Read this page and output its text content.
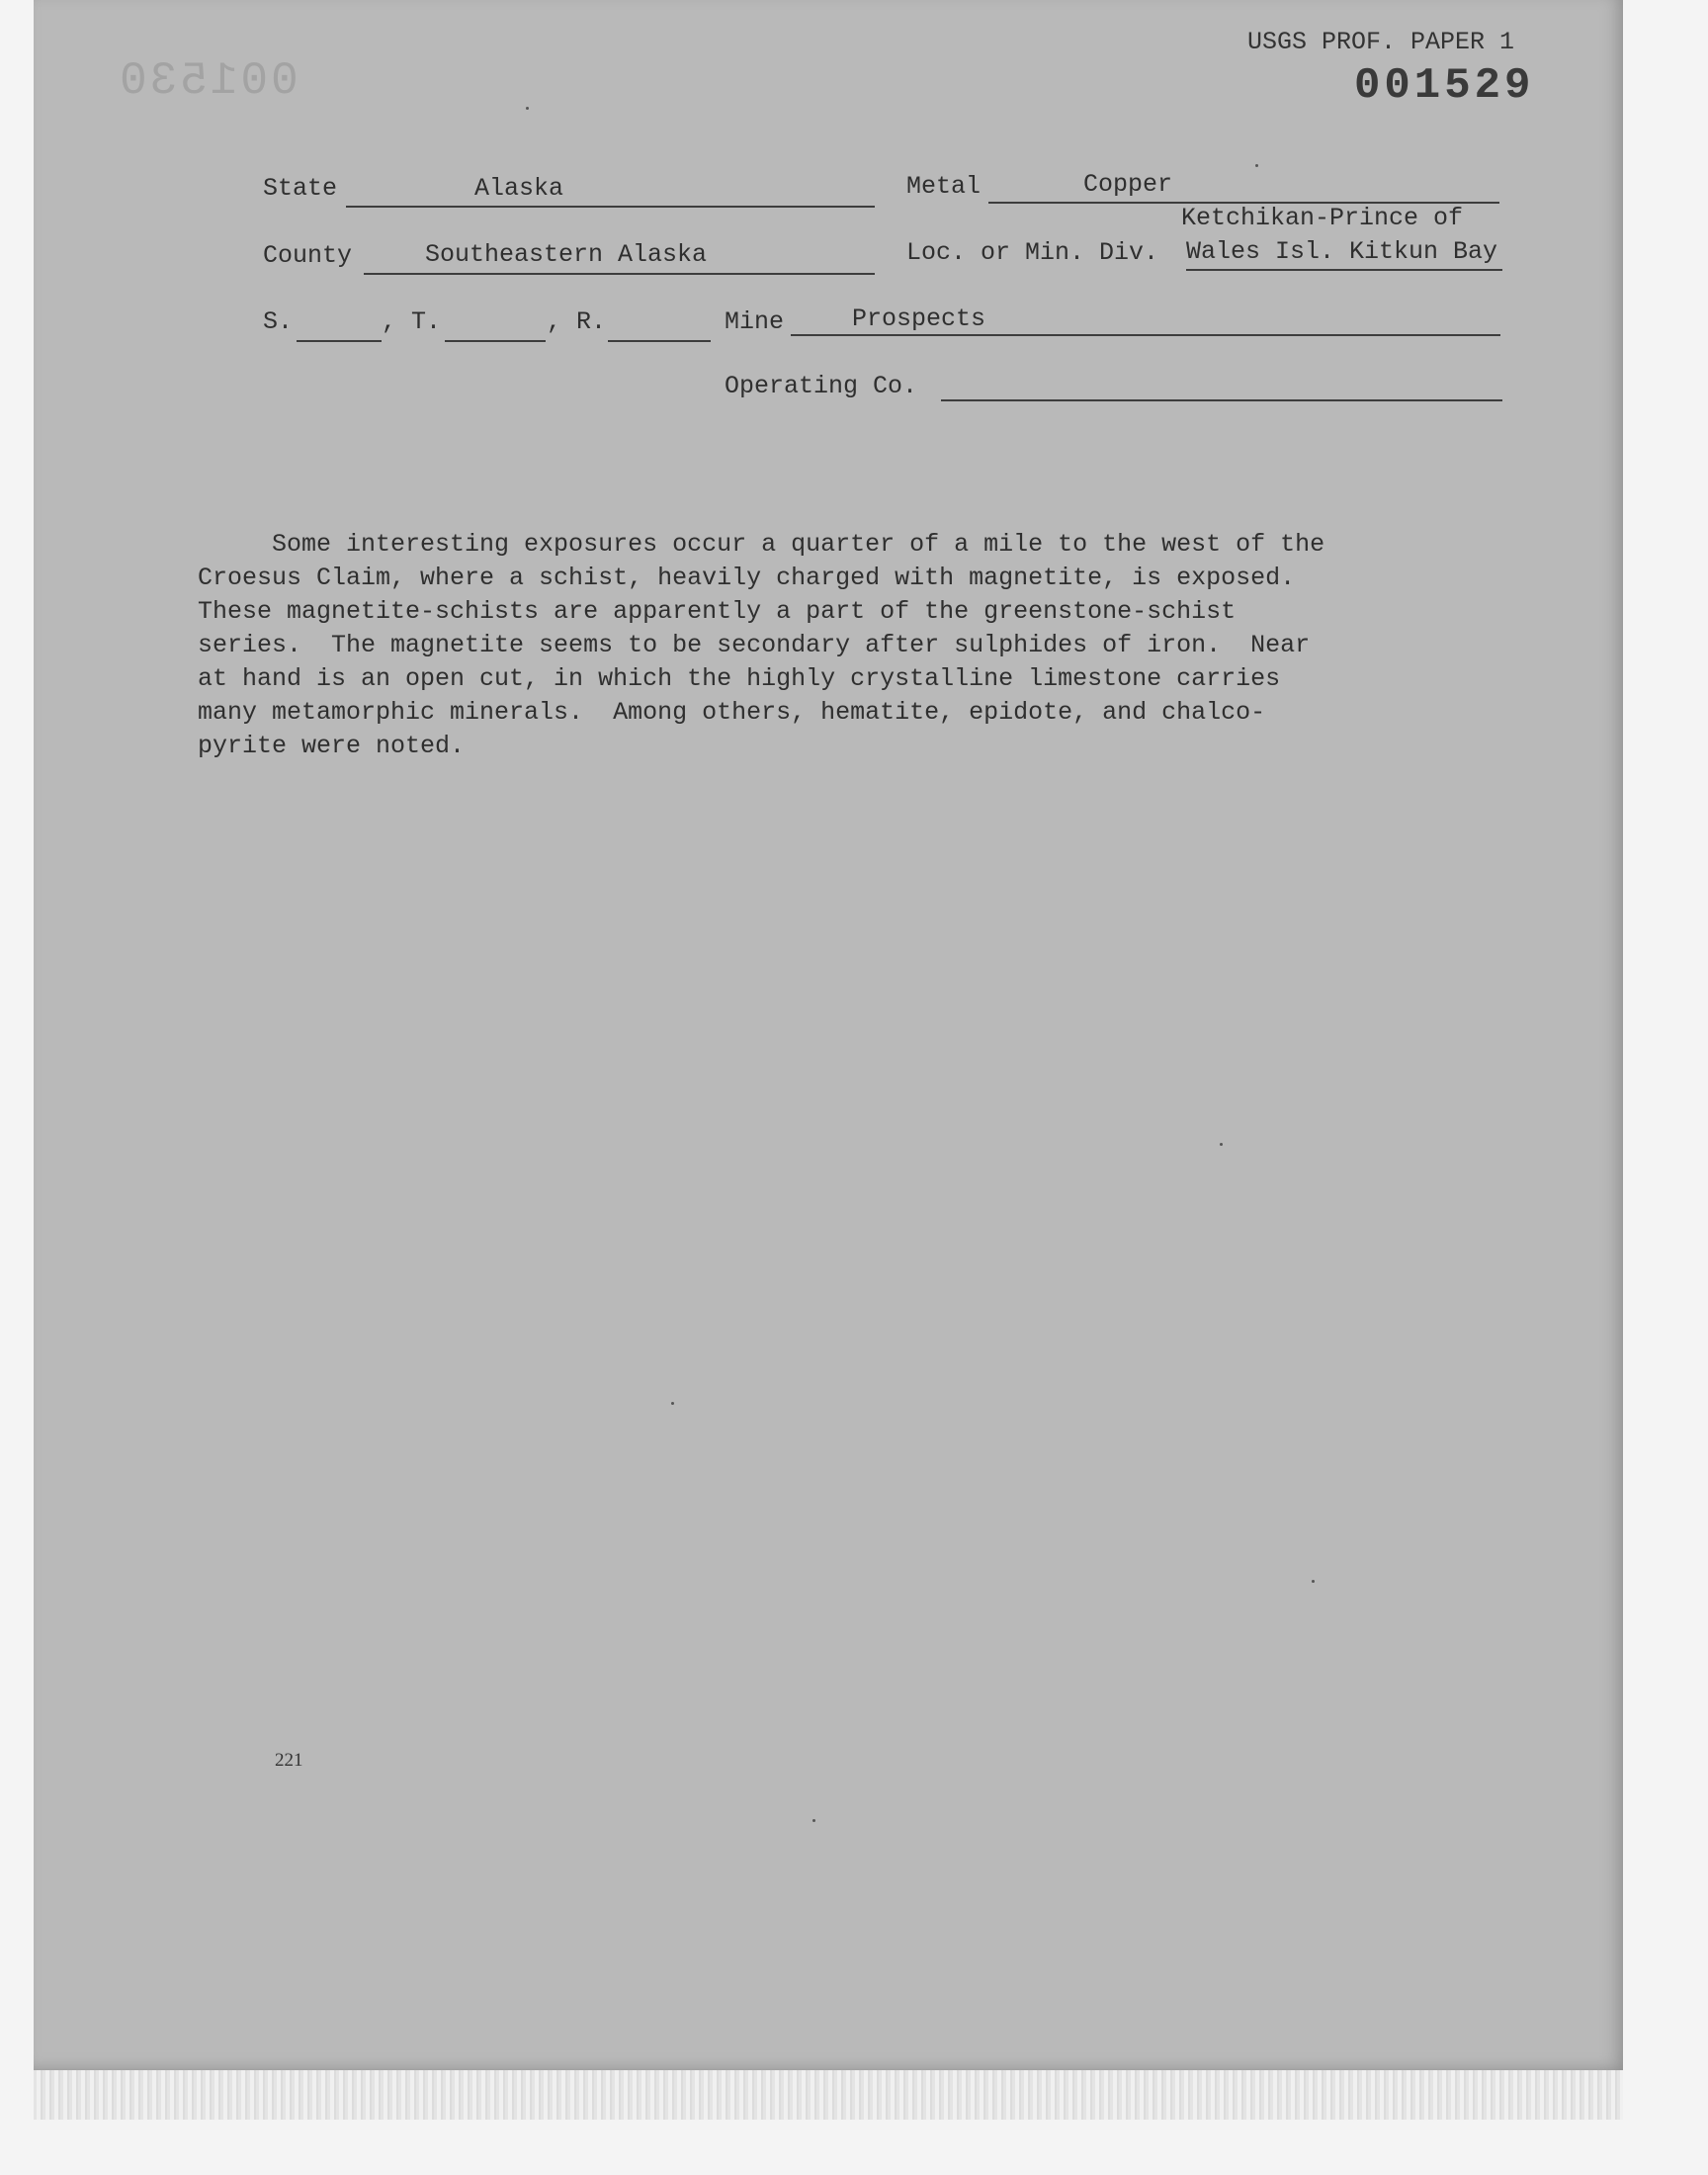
001530
USGS PROF. PAPER 1
001529
State	Alaska	Metal	Copper
County	Southeastern Alaska	Loc. or Min. Div.
Ketchikan-Prince of
Wales Isl. Kitkun Bay
S.	, T.	, R.	Mine	Prospects
Operating Co.
Some interesting exposures occur a quarter of a mile to the west of the
Croesus Claim, where a schist, heavily charged with magnetite, is exposed.
These magnetite-schists are apparently a part of the greenstone-schist
series.  The magnetite seems to be secondary after sulphides of iron.  Near
at hand is an open cut, in which the highly crystalline limestone carries
many metamorphic minerals.  Among others, hematite, epidote, and chalco-
pyrite were noted.
221
